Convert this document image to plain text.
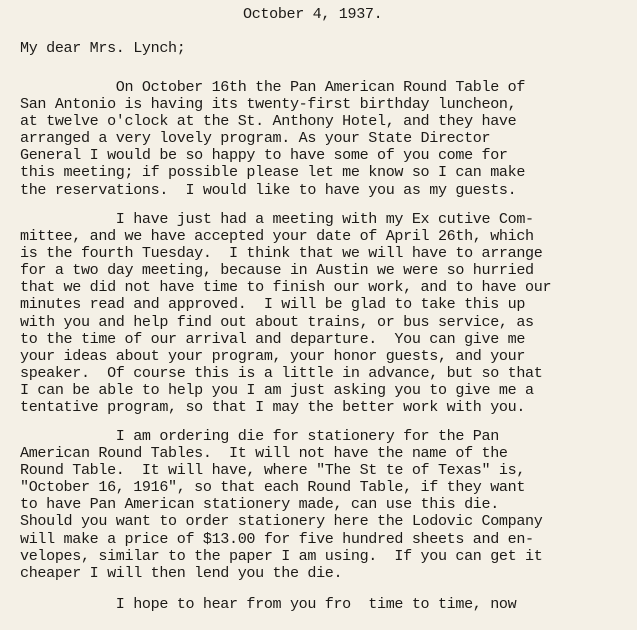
October 4, 1937.
My dear Mrs. Lynch;
On October 16th the Pan American Round Table of
San Antonio is having its twenty-first birthday luncheon,
at twelve o'clock at the St. Anthony Hotel, and they have
arranged a very lovely program. As your State Director
General I would be so happy to have some of you come for
this meeting; if possible please let me know so I can make
the reservations.  I would like to have you as my guests.
I have just had a meeting with my Ex cutive Com-
mittee, and we have accepted your date of April 26th, which
is the fourth Tuesday.  I think that we will have to arrange
for a two day meeting, because in Austin we were so hurried
that we did not have time to finish our work, and to have our
minutes read and approved.  I will be glad to take this up
with you and help find out about trains, or bus service, as
to the time of our arrival and departure.  You can give me
your ideas about your program, your honor guests, and your
speaker.  Of course this is a little in advance, but so that
I can be able to help you I am just asking you to give me a
tentative program, so that I may the better work with you.
I am ordering die for stationery for the Pan
American Round Tables.  It will not have the name of the
Round Table.  It will have, where "The St te of Texas" is,
"October 16, 1916", so that each Round Table, if they want
to have Pan American stationery made, can use this die.
Should you want to order stationery here the Lodovic Company
will make a price of $13.00 for five hundred sheets and en-
velopes, similar to the paper I am using.  If you can get it
cheaper I will then lend you the die.
I hope to hear from you fro  time to time, now
